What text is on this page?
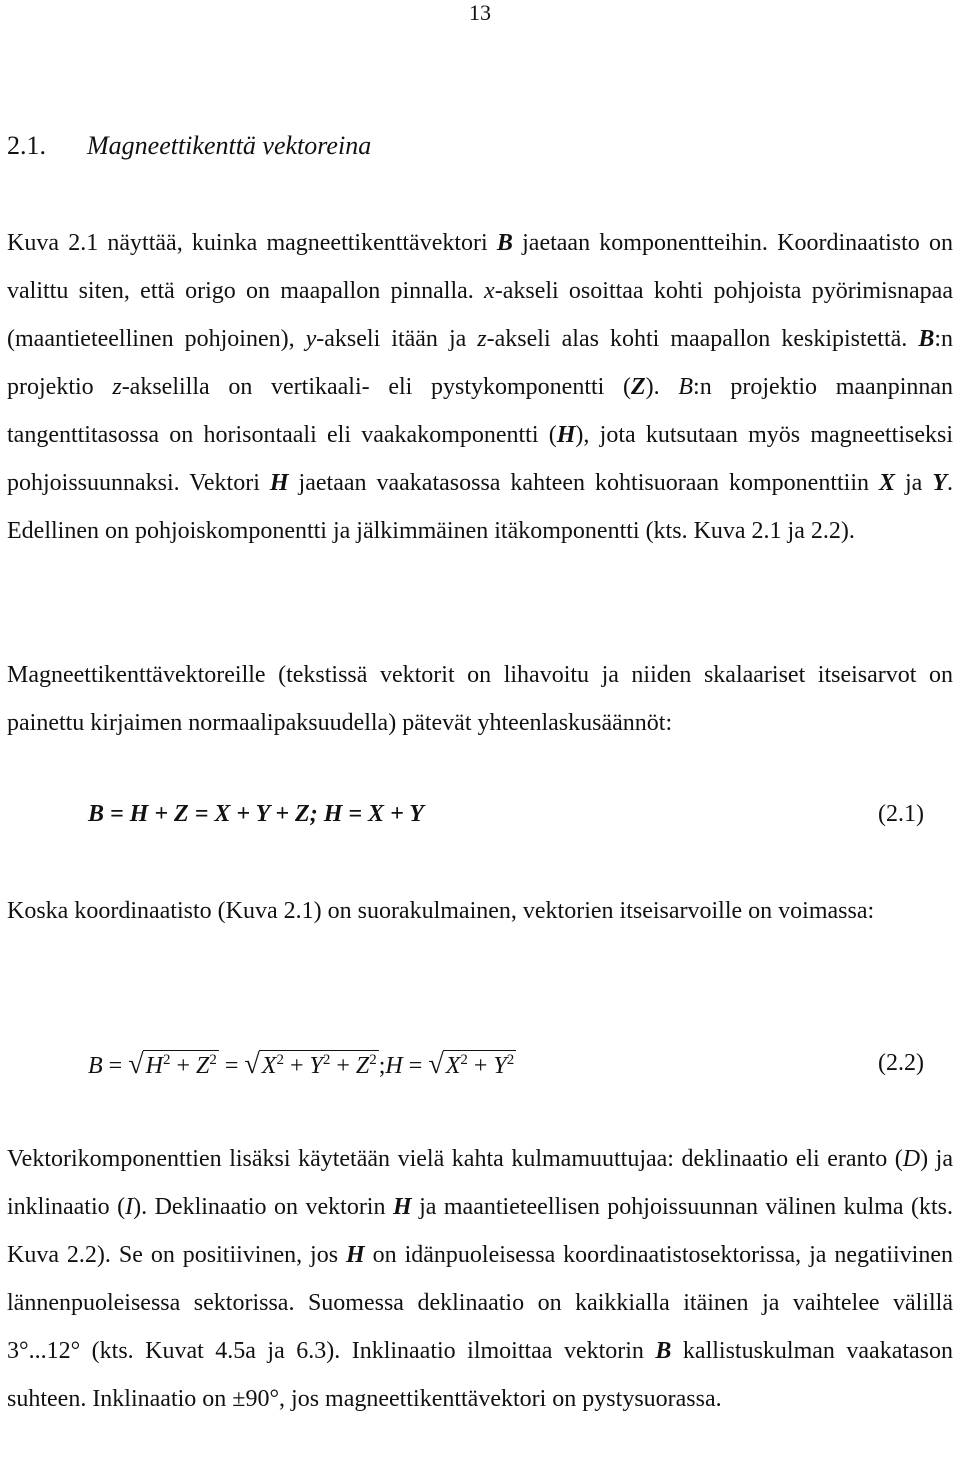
13
2.1. Magneettikenttä vektoreina

Kuva 2.1 näyttää, kuinka magneettikenttävektori B jaetaan komponentteihin. Koordinaatisto on valittu siten, että origo on maapallon pinnalla. x-akseli osoittaa kohti pohjoista pyörimisnapaa (maantieteellinen pohjoinen), y-akseli itään ja z-akseli alas kohti maapallon keskipistettä. B:n projektio z-akselilla on vertikaali- eli pystykomponentti (Z). B:n projektio maanpinnan tangenttitasossa on horisontaali eli vaakakomponentti (H), jota kutsutaan myös magneettiseksi pohjoissuunnaksi. Vektori H jaetaan vaakatasossa kahteen kohtisuoraan komponenttiin X ja Y. Edellinen on pohjoiskomponentti ja jälkimmäinen itäkomponentti (kts. Kuva 2.1 ja 2.2).

Magneettikenttävektoreille (tekstissä vektorit on lihavoitu ja niiden skalaariset itseisarvot on painettu kirjaimen normaalipaksuudella) pätevät yhteenlaskusäännöt:

B = H + Z = X + Y + Z; H = X + Y	(2.1)

Koska koordinaatisto (Kuva 2.1) on suorakulmainen, vektorien itseisarvoille on voimassa:

$B = √H^2 + Z^2 = √X^2 + Y^2$ + $Z^2;H = √X^2 + Y^2$	(2.2)

Vektorikomponenttien lisäksi käytetään vielä kahta kulmamuuttujaa: deklinaatio eli eranto (D) ja inklinaatio (I). Deklinaatio on vektorin H ja maantieteellisen pohjoissuunnan välinen kulma (kts. Kuva 2.2). Se on positiivinen, jos H on idänpuoleisessa koordinaatistosektorissa, ja negatiivinen lännenpuoleisessa sektorissa. Suomessa deklinaatio on kaikkialla itäinen ja vaihtelee välillä 3°...12° (kts. Kuvat 4.5a ja 6.3). Inklinaatio ilmoittaa vektorin B kallistuskulman vaakatason suhteen. Inklinaatio on ±90°, jos magneettikenttävektori on pystysuorassa.
